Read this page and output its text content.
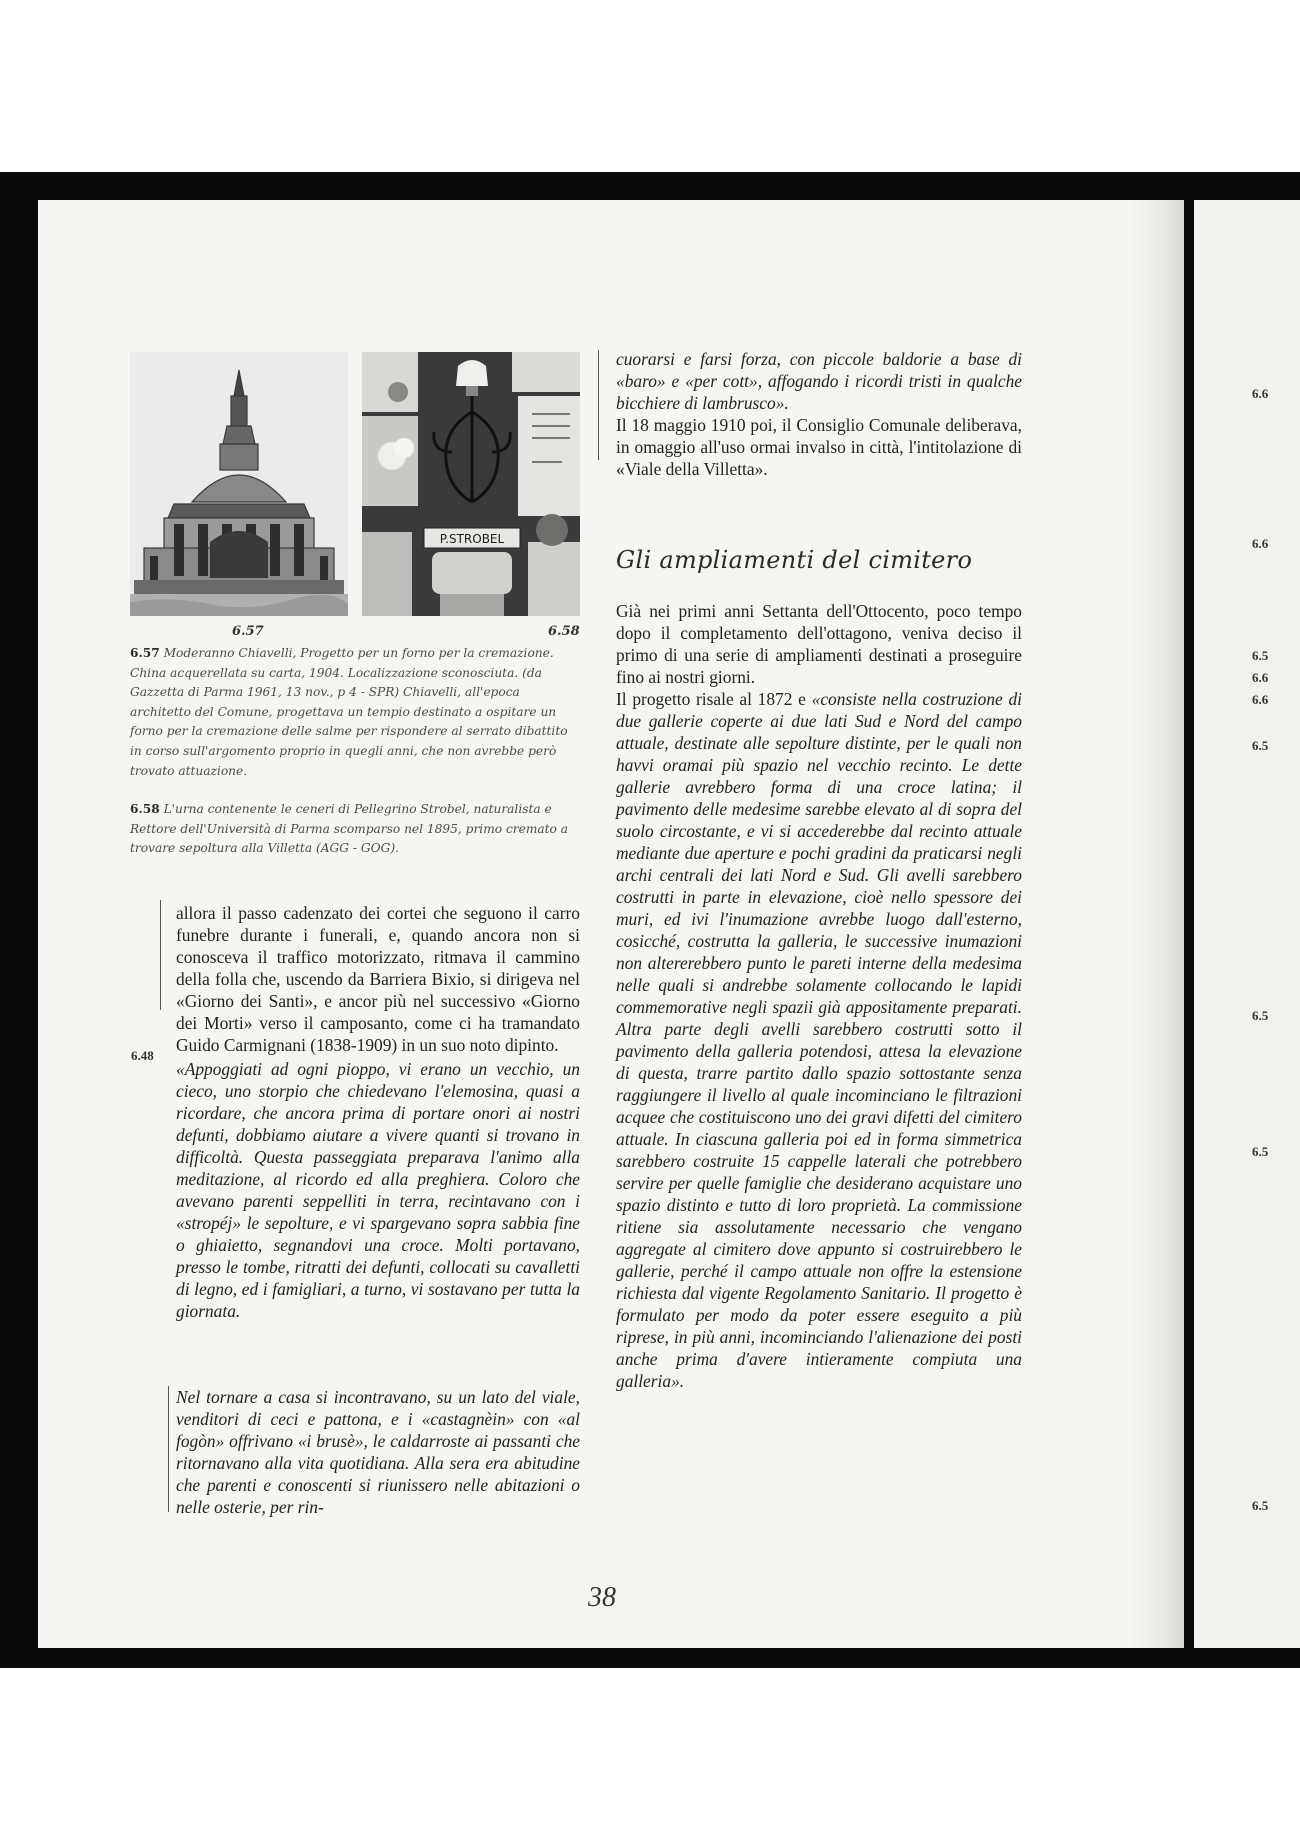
P.STROBEL
6.57	6.58
6.57 Moderanno Chiavelli, Progetto per un forno per la cremazione. China acquerellata su carta, 1904. Localizzazione sconosciuta. (da Gazzetta di Parma 1961, 13 nov., p 4 - SPR) Chiavelli, all'epoca architetto del Comune, progettava un tempio destinato a ospitare un forno per la cremazione delle salme per rispondere al serrato dibattito in corso sull'argomento proprio in quegli anni, che non avrebbe però trovato attuazione.
6.58 L'urna contenente le ceneri di Pellegrino Strobel, naturalista e Rettore dell'Università di Parma scomparso nel 1895, primo cremato a trovare sepoltura alla Villetta (AGG - GOG).
6.48

allora il passo cadenzato dei cortei che seguono il carro funebre durante i funerali, e, quando ancora non si conosceva il traffico motorizzato, ritmava il cammino della folla che, uscendo da Barriera Bixio, si dirigeva nel «Giorno dei Santi», e ancor più nel successivo «Giorno dei Morti» verso il camposanto, come ci ha tramandato Guido Carmignani (1838-1909) in un suo noto dipinto.

«Appoggiati ad ogni pioppo, vi erano un vecchio, un cieco, uno storpio che chiedevano l'elemosina, quasi a ricordare, che ancora prima di portare onori ai nostri defunti, dobbiamo aiutare a vivere quanti si trovano in difficoltà. Questa passeggiata preparava l'animo alla meditazione, al ricordo ed alla preghiera. Coloro che avevano parenti seppelliti in terra, recintavano con i «stropéj» le sepolture, e vi spargevano sopra sabbia fine o ghiaietto, segnandovi una croce. Molti portavano, presso le tombe, ritratti dei defunti, collocati su cavalletti di legno, ed i famigliari, a turno, vi sostavano per tutta la giornata.

Nel tornare a casa si incontravano, su un lato del viale, venditori di ceci e pattona, e i «castagnèin» con «al fogòn» offrivano «i brusè», le caldarroste ai passanti che ritornavano alla vita quotidiana. Alla sera era abitudine che parenti e conoscenti si riunissero nelle abitazioni o nelle osterie, per rin-

cuorarsi e farsi forza, con piccole baldorie a base di «baro» e «per cott», affogando i ricordi tristi in qualche bicchiere di lambrusco».

Il 18 maggio 1910 poi, il Consiglio Comunale deliberava, in omaggio all'uso ormai invalso in città, l'intitolazione di «Viale della Villetta».

Gli ampliamenti del cimitero

Già nei primi anni Settanta dell'Ottocento, poco tempo dopo il completamento dell'ottagono, veniva deciso il primo di una serie di ampliamenti destinati a proseguire fino ai nostri giorni.

Il progetto risale al 1872 e «consiste nella costruzione di due gallerie coperte ai due lati Sud e Nord del campo attuale, destinate alle sepolture distinte, per le quali non havvi oramai più spazio nel vecchio recinto. Le dette gallerie avrebbero forma di una croce latina; il pavimento delle medesime sarebbe elevato al di sopra del suolo circostante, e vi si accederebbe dal recinto attuale mediante due aperture e pochi gradini da praticarsi negli archi centrali dei lati Nord e Sud. Gli avelli sarebbero costrutti in parte in elevazione, cioè nello spessore dei muri, ed ivi l'inumazione avrebbe luogo dall'esterno, cosicché, costrutta la galleria, le successive inumazioni non altererebbero punto le pareti interne della medesima nelle quali si andrebbe solamente collocando le lapidi commemorative negli spazii già appositamente preparati. Altra parte degli avelli sarebbero costrutti sotto il pavimento della galleria potendosi, attesa la elevazione di questa, trarre partito dallo spazio sottostante senza raggiungere il livello al quale incominciano le filtrazioni acquee che costituiscono uno dei gravi difetti del cimitero attuale. In ciascuna galleria poi ed in forma simmetrica sarebbero costruite 15 cappelle laterali che potrebbero servire per quelle famiglie che desiderano acquistare uno spazio distinto e tutto di loro proprietà. La commissione ritiene sia assolutamente necessario che vengano aggregate al cimitero dove appunto si costruirebbero le gallerie, perché il campo attuale non offre la estensione richiesta dal vigente Regolamento Sanitario. Il progetto è formulato per modo da poter essere eseguito a più riprese, in più anni, incominciando l'alienazione dei posti anche prima d'avere intieramente compiuta una galleria».

38
6.6
6.6
6.5
6.6
6.6
6.5
6.5
6.5
6.5
